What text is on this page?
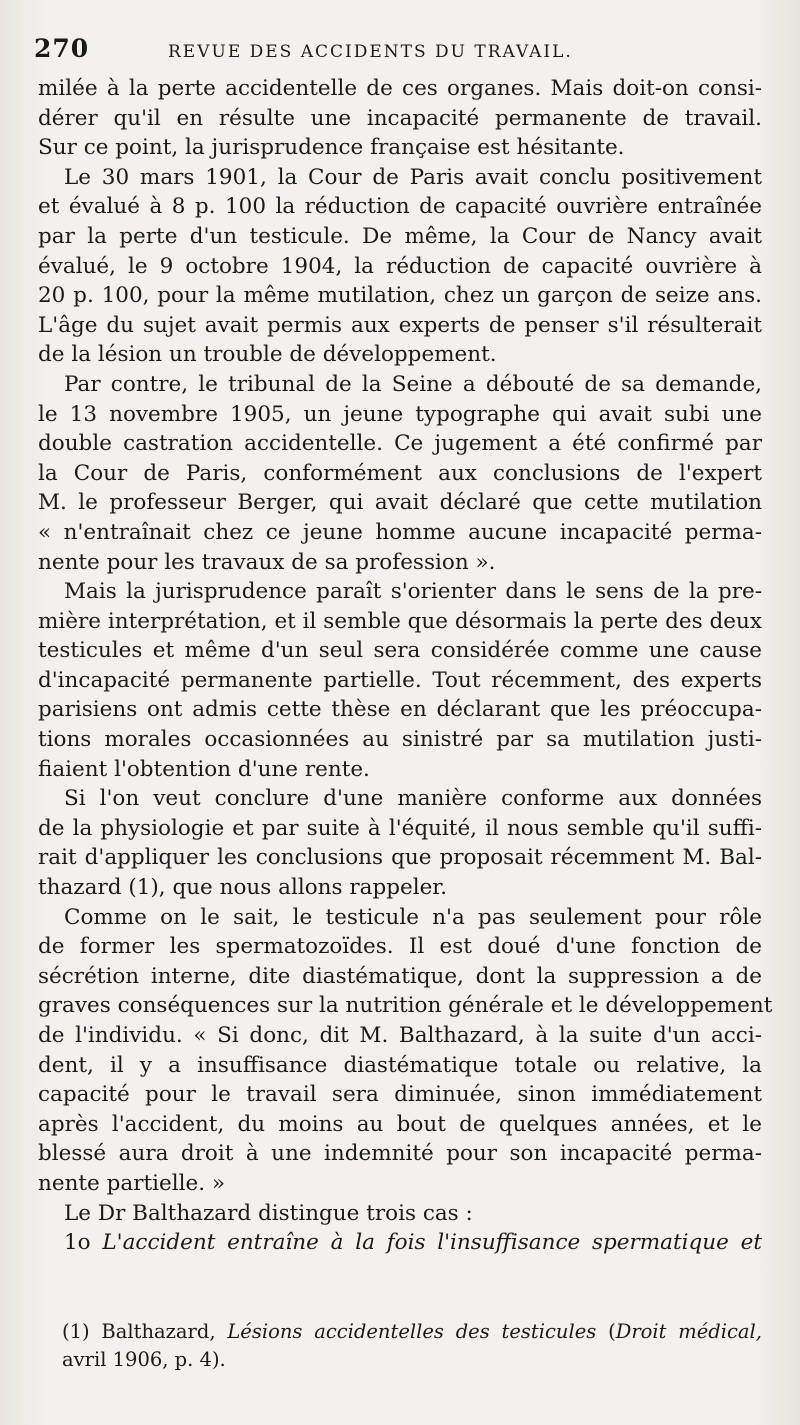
270	REVUE DES ACCIDENTS DU TRAVAIL.
milée à la perte accidentelle de ces organes. Mais doit-on consi-
dérer qu'il en résulte une incapacité permanente de travail.
Sur ce point, la jurisprudence française est hésitante.
Le 30 mars 1901, la Cour de Paris avait conclu positivement
et évalué à 8 p. 100 la réduction de capacité ouvrière entraînée
par la perte d'un testicule. De même, la Cour de Nancy avait
évalué, le 9 octobre 1904, la réduction de capacité ouvrière à
20 p. 100, pour la même mutilation, chez un garçon de seize ans.
L'âge du sujet avait permis aux experts de penser s'il résulterait
de la lésion un trouble de développement.
Par contre, le tribunal de la Seine a débouté de sa demande,
le 13 novembre 1905, un jeune typographe qui avait subi une
double castration accidentelle. Ce jugement a été confirmé par
la Cour de Paris, conformément aux conclusions de l'expert
M. le professeur Berger, qui avait déclaré que cette mutilation
« n'entraînait chez ce jeune homme aucune incapacité perma-
nente pour les travaux de sa profession ».
Mais la jurisprudence paraît s'orienter dans le sens de la pre-
mière interprétation, et il semble que désormais la perte des deux
testicules et même d'un seul sera considérée comme une cause
d'incapacité permanente partielle. Tout récemment, des experts
parisiens ont admis cette thèse en déclarant que les préoccupa-
tions morales occasionnées au sinistré par sa mutilation justi-
fiaient l'obtention d'une rente.
Si l'on veut conclure d'une manière conforme aux données
de la physiologie et par suite à l'équité, il nous semble qu'il suffi-
rait d'appliquer les conclusions que proposait récemment M. Bal-
thazard (1), que nous allons rappeler.
Comme on le sait, le testicule n'a pas seulement pour rôle
de former les spermatozoïdes. Il est doué d'une fonction de
sécrétion interne, dite diastématique, dont la suppression a de
graves conséquences sur la nutrition générale et le développement
de l'individu. « Si donc, dit M. Balthazard, à la suite d'un acci-
dent, il y a insuffisance diastématique totale ou relative, la
capacité pour le travail sera diminuée, sinon immédiatement
après l'accident, du moins au bout de quelques années, et le
blessé aura droit à une indemnité pour son incapacité perma-
nente partielle. »
Le Dr Balthazard distingue trois cas :
1o L'accident entraîne à la fois l'insuffisance spermatique et
(1) Balthazard, Lésions accidentelles des testicules (Droit médical,
avril 1906, p. 4).
